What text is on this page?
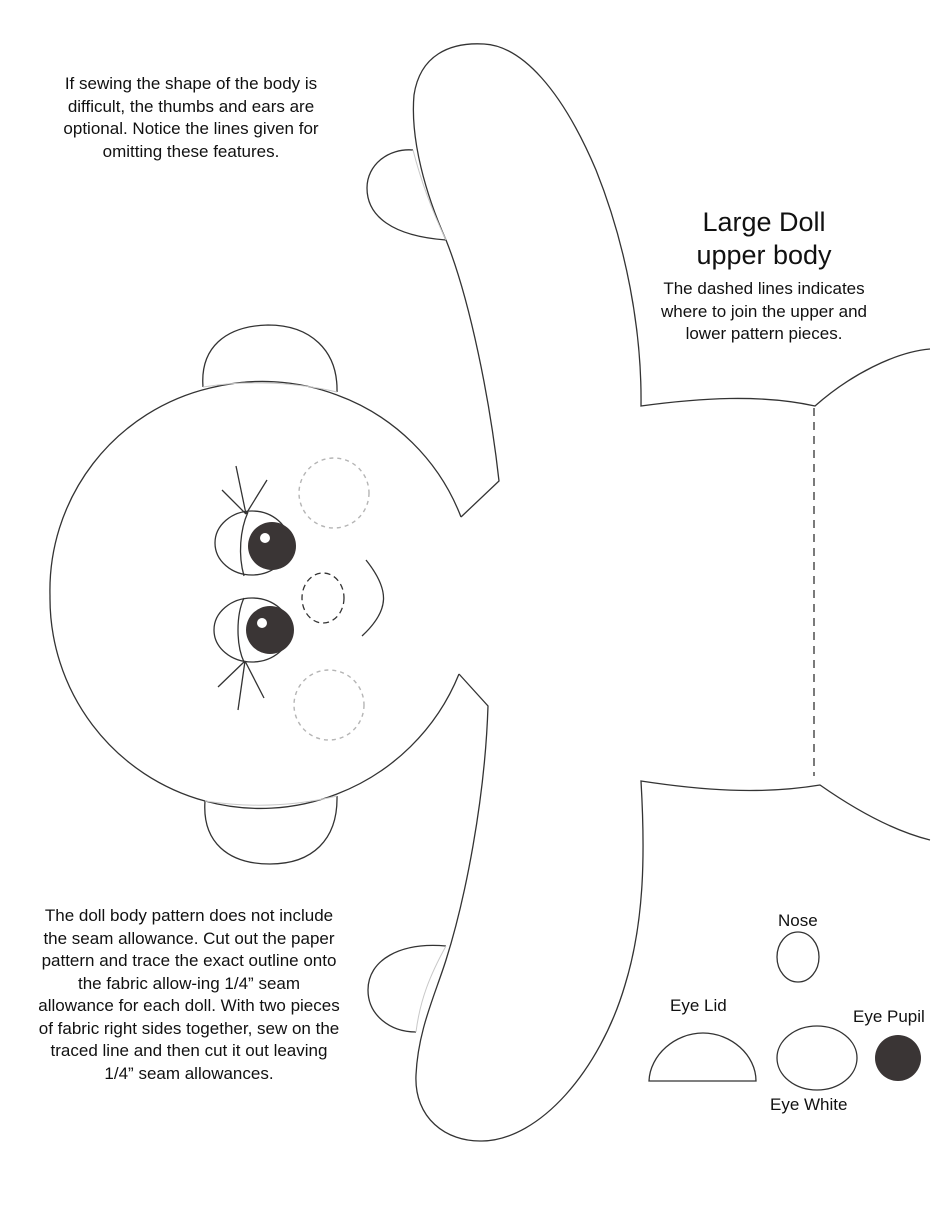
If sewing the shape of the body is difficult, the thumbs and ears are optional. Notice the lines given for omitting these features.

Large Doll
upper body

The dashed lines indicates where to join the upper and lower pattern pieces.

The doll body pattern does not include the seam allowance. Cut out the paper pattern and trace the exact outline onto the fabric allow-ing 1/4” seam allowance for each doll. With two pieces of fabric right sides together, sew on the traced line and then cut it out leaving 1/4” seam allowances.

Nose
Eye Lid
Eye Pupil
Eye White
